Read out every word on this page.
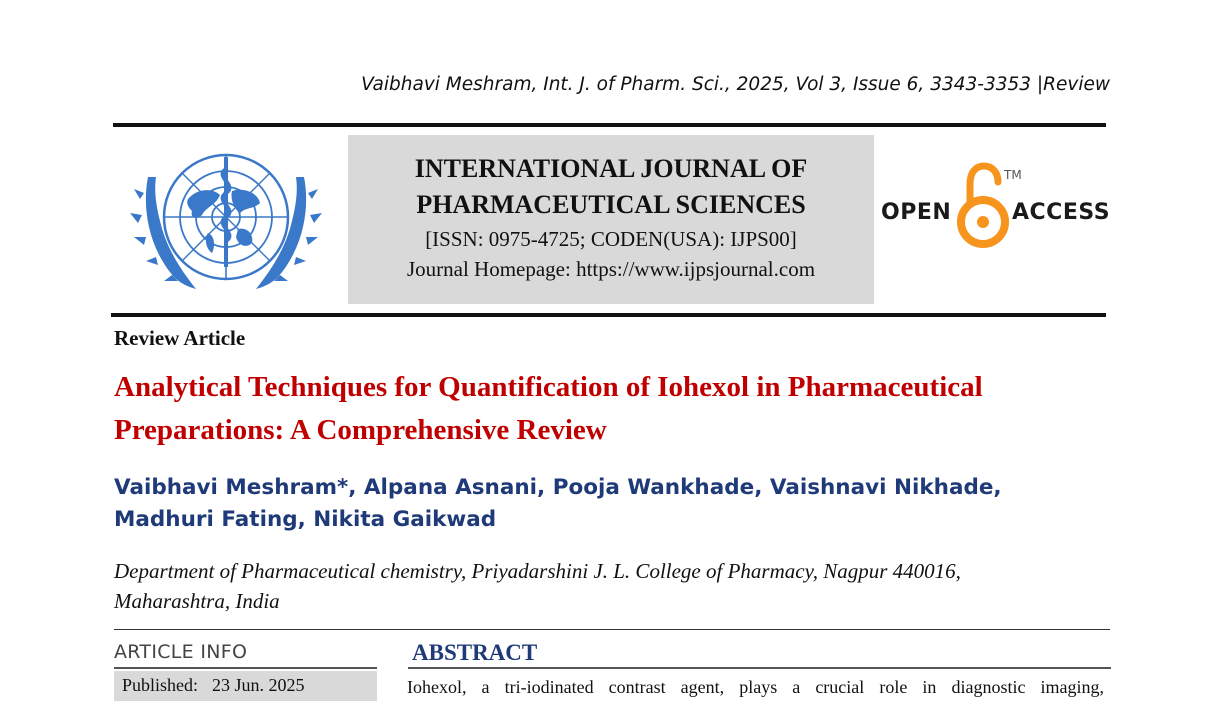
Vaibhavi Meshram, Int. J. of Pharm. Sci., 2025, Vol 3, Issue 6, 3343-3353 |Review
INTERNATIONAL JOURNAL OF
PHARMACEUTICAL SCIENCES
[ISSN: 0975-4725; CODEN(USA): IJPS00]
Journal Homepage: https://www.ijpsjournal.com
OPEN
TM
ACCESS
Review Article
Analytical Techniques for Quantification of Iohexol in Pharmaceutical
Preparations: A Comprehensive Review
Vaibhavi Meshram*, Alpana Asnani, Pooja Wankhade, Vaishnavi Nikhade,
Madhuri Fating, Nikita Gaikwad
Department of Pharmaceutical chemistry, Priyadarshini J. L. College of Pharmacy, Nagpur 440016,
Maharashtra, India
ARTICLE INFO
Published: 23 Jun. 2025
ABSTRACT
Iohexol, a tri-iodinated contrast agent, plays a crucial role in diagnostic imaging,
